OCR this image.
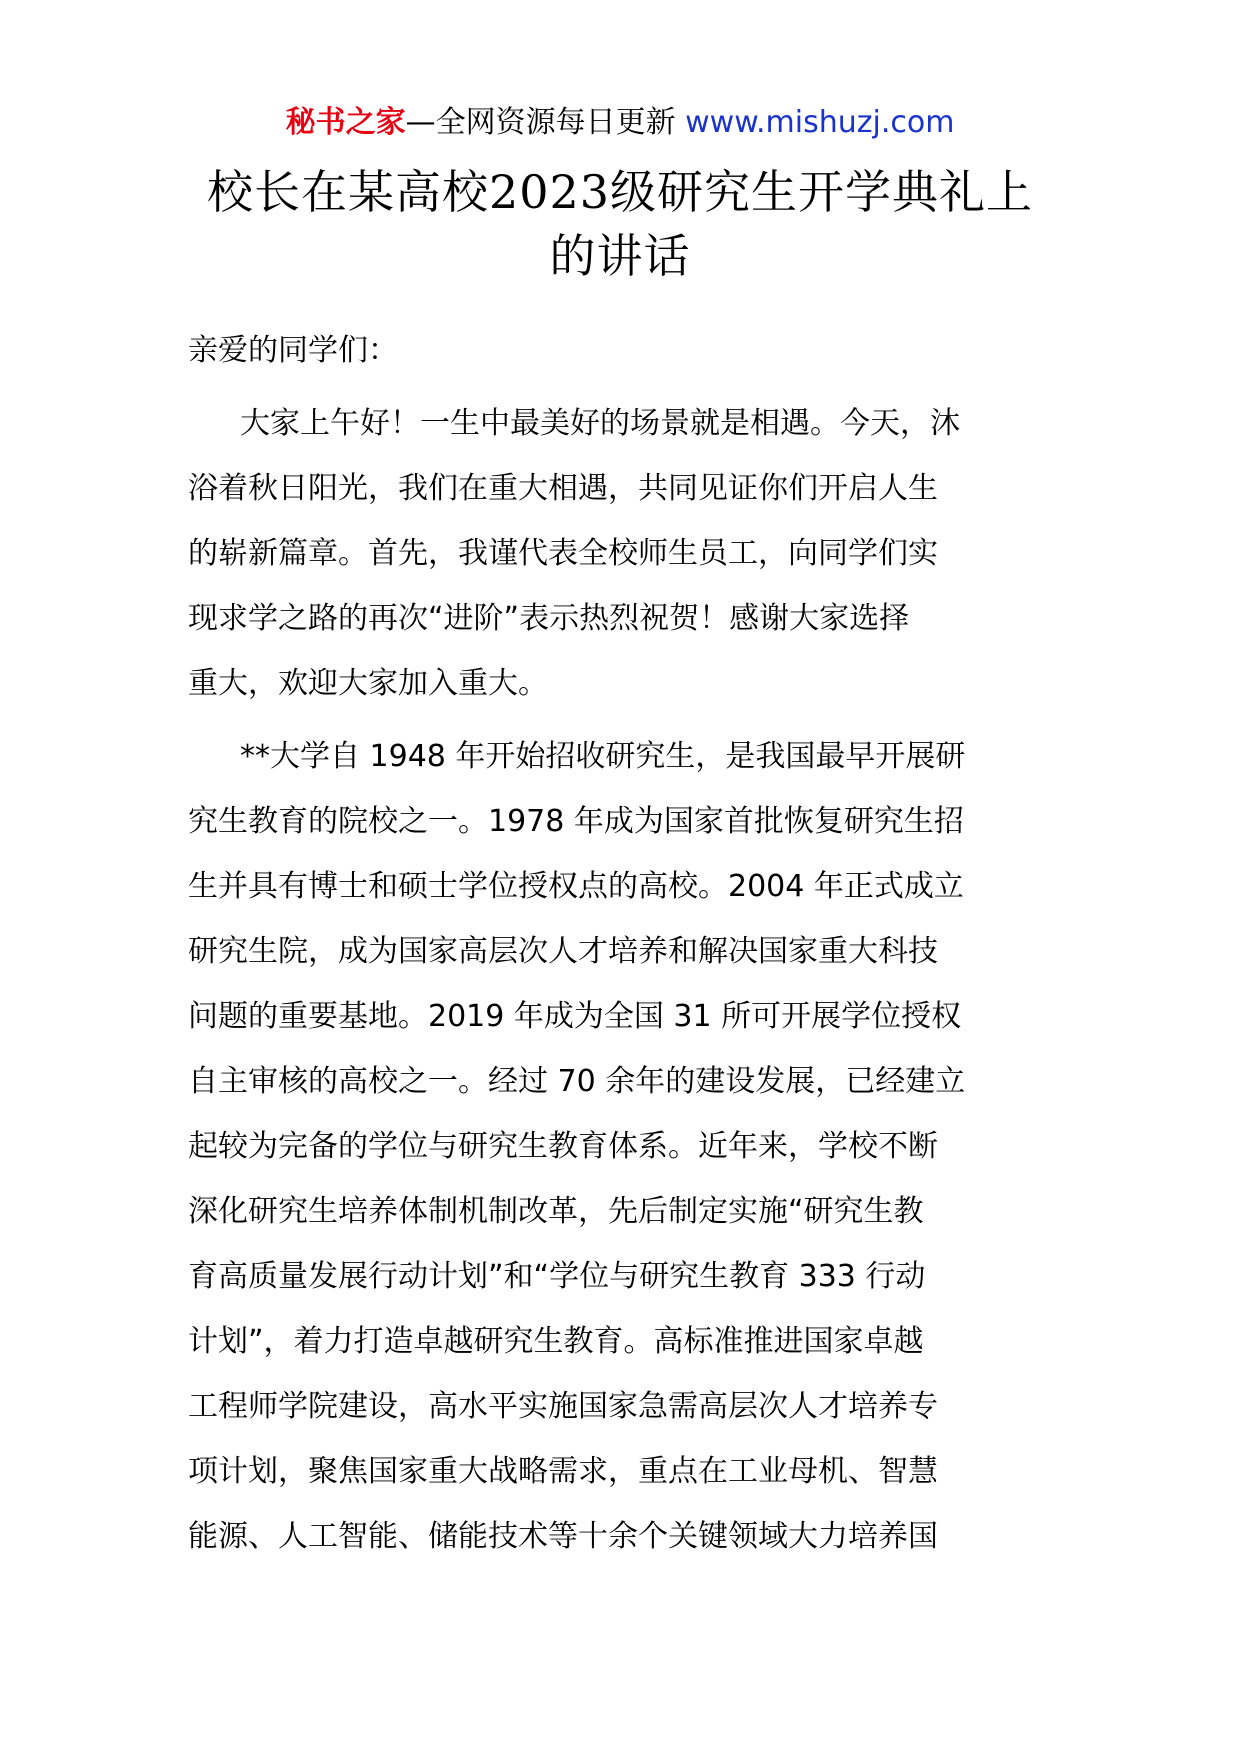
秘书之家—全网资源每日更新 www.mishuzj.com
校长在某高校2023级研究生开学典礼上
的讲话
亲爱的同学们：
大家上午好！一生中最美好的场景就是相遇。今天，沐
浴着秋日阳光，我们在重大相遇，共同见证你们开启人生
的崭新篇章。首先，我谨代表全校师生员工，向同学们实
现求学之路的再次“进阶”表示热烈祝贺！感谢大家选择
重大，欢迎大家加入重大。
**大学自 1948 年开始招收研究生，是我国最早开展研
究生教育的院校之一。1978 年成为国家首批恢复研究生招
生并具有博士和硕士学位授权点的高校。2004 年正式成立
研究生院，成为国家高层次人才培养和解决国家重大科技
问题的重要基地。2019 年成为全国 31 所可开展学位授权
自主审核的高校之一。经过 70 余年的建设发展，已经建立
起较为完备的学位与研究生教育体系。近年来，学校不断
深化研究生培养体制机制改革，先后制定实施“研究生教
育高质量发展行动计划”和“学位与研究生教育 333 行动
计划”，着力打造卓越研究生教育。高标准推进国家卓越
工程师学院建设，高水平实施国家急需高层次人才培养专
项计划，聚焦国家重大战略需求，重点在工业母机、智慧
能源、人工智能、储能技术等十余个关键领域大力培养国
